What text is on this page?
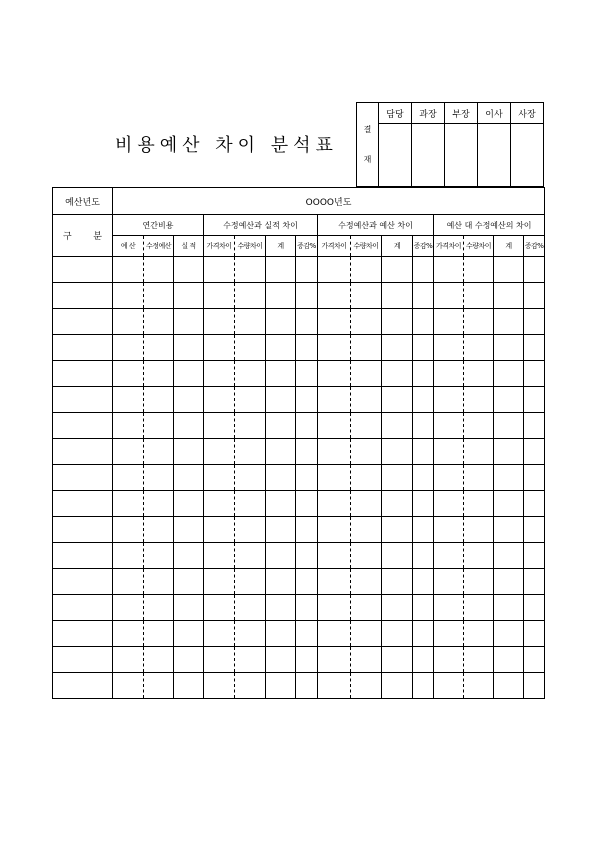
비용예산 차이 분석표
결
재	담당	과장	부장	이사	사장

예산년도	OOOO년도														

구 분	연간비용			수정예산과 실적 차이				수정예산과 예산 차이				예산 대 수정예산의 차이			
	예 산	수정예산	실 적	가격차이	수량차이	계	증감%	가격차이	수량차이	계	증감%	가격차이	수량차이	계	증감%
